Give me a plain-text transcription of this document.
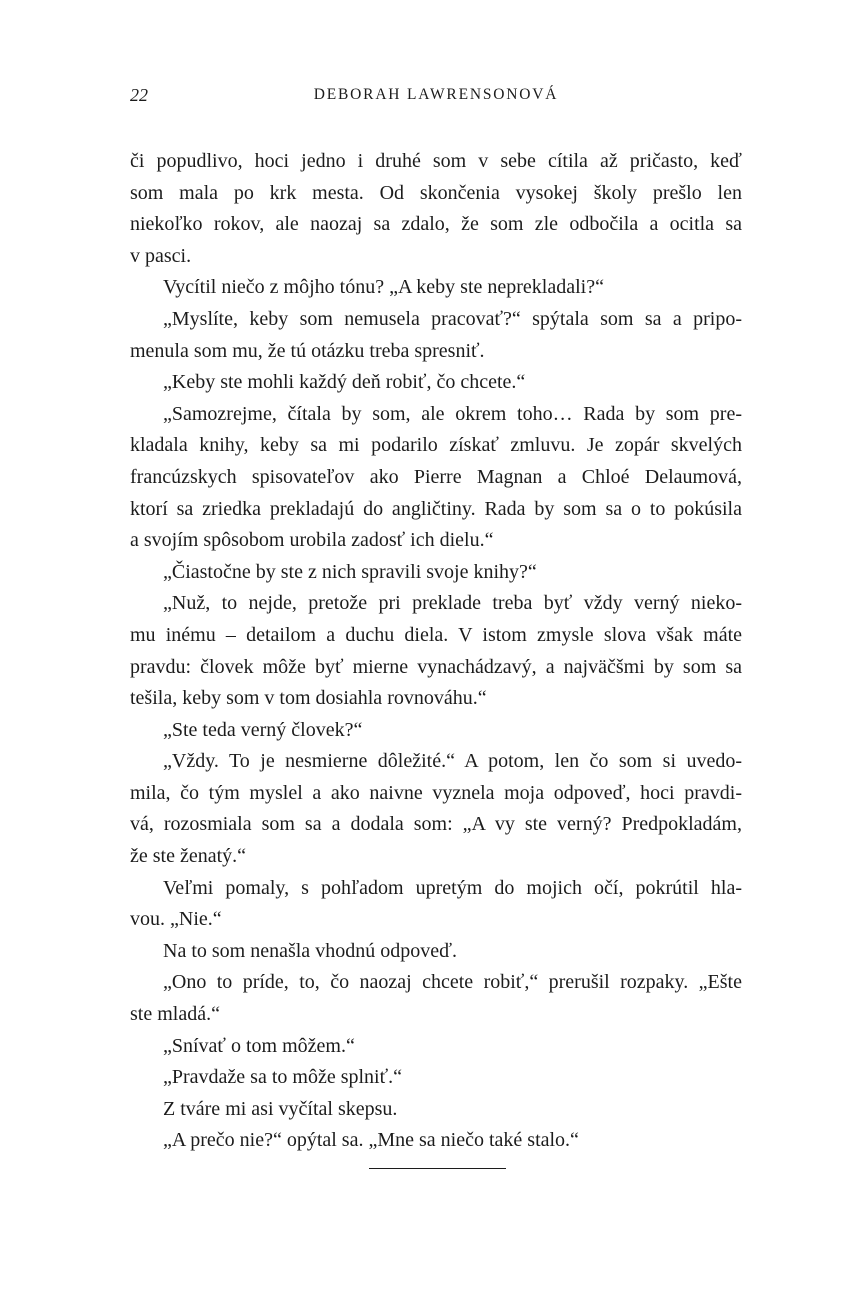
22	DEBORAH LAWRENSONOVÁ
či popudlivo, hoci jedno i druhé som v sebe cítila až pričasto, keď
som mala po krk mesta. Od skončenia vysokej školy prešlo len
niekoľko rokov, ale naozaj sa zdalo, že som zle odbočila a ocitla sa
v pasci.
Vycítil niečo z môjho tónu? „A keby ste neprekladali?“
„Myslíte, keby som nemusela pracovať?“ spýtala som sa a pripo-
menula som mu, že tú otázku treba spresniť.
„Keby ste mohli každý deň robiť, čo chcete.“
„Samozrejme, čítala by som, ale okrem toho… Rada by som pre-
kladala knihy, keby sa mi podarilo získať zmluvu. Je zopár skvelých
francúzskych spisovateľov ako Pierre Magnan a Chloé Delaumová,
ktorí sa zriedka prekladajú do angličtiny. Rada by som sa o to pokúsila
a svojím spôsobom urobila zadosť ich dielu.“
„Čiastočne by ste z nich spravili svoje knihy?“
„Nuž, to nejde, pretože pri preklade treba byť vždy verný nieko-
mu inému – detailom a duchu diela. V istom zmysle slova však máte
pravdu: človek môže byť mierne vynachádzavý, a najväčšmi by som sa
tešila, keby som v tom dosiahla rovnováhu.“
„Ste teda verný človek?“
„Vždy. To je nesmierne dôležité.“ A potom, len čo som si uvedo-
mila, čo tým myslel a ako naivne vyznela moja odpoveď, hoci pravdi-
vá, rozosmiala som sa a dodala som: „A vy ste verný? Predpokladám,
že ste ženatý.“
Veľmi pomaly, s pohľadom upretým do mojich očí, pokrútil hla-
vou. „Nie.“
Na to som nenašla vhodnú odpoveď.
„Ono to príde, to, čo naozaj chcete robiť,“ prerušil rozpaky. „Ešte
ste mladá.“
„Snívať o tom môžem.“
„Pravdaže sa to môže splniť.“
Z tváre mi asi vyčítal skepsu.
„A prečo nie?“ opýtal sa. „Mne sa niečo také stalo.“
